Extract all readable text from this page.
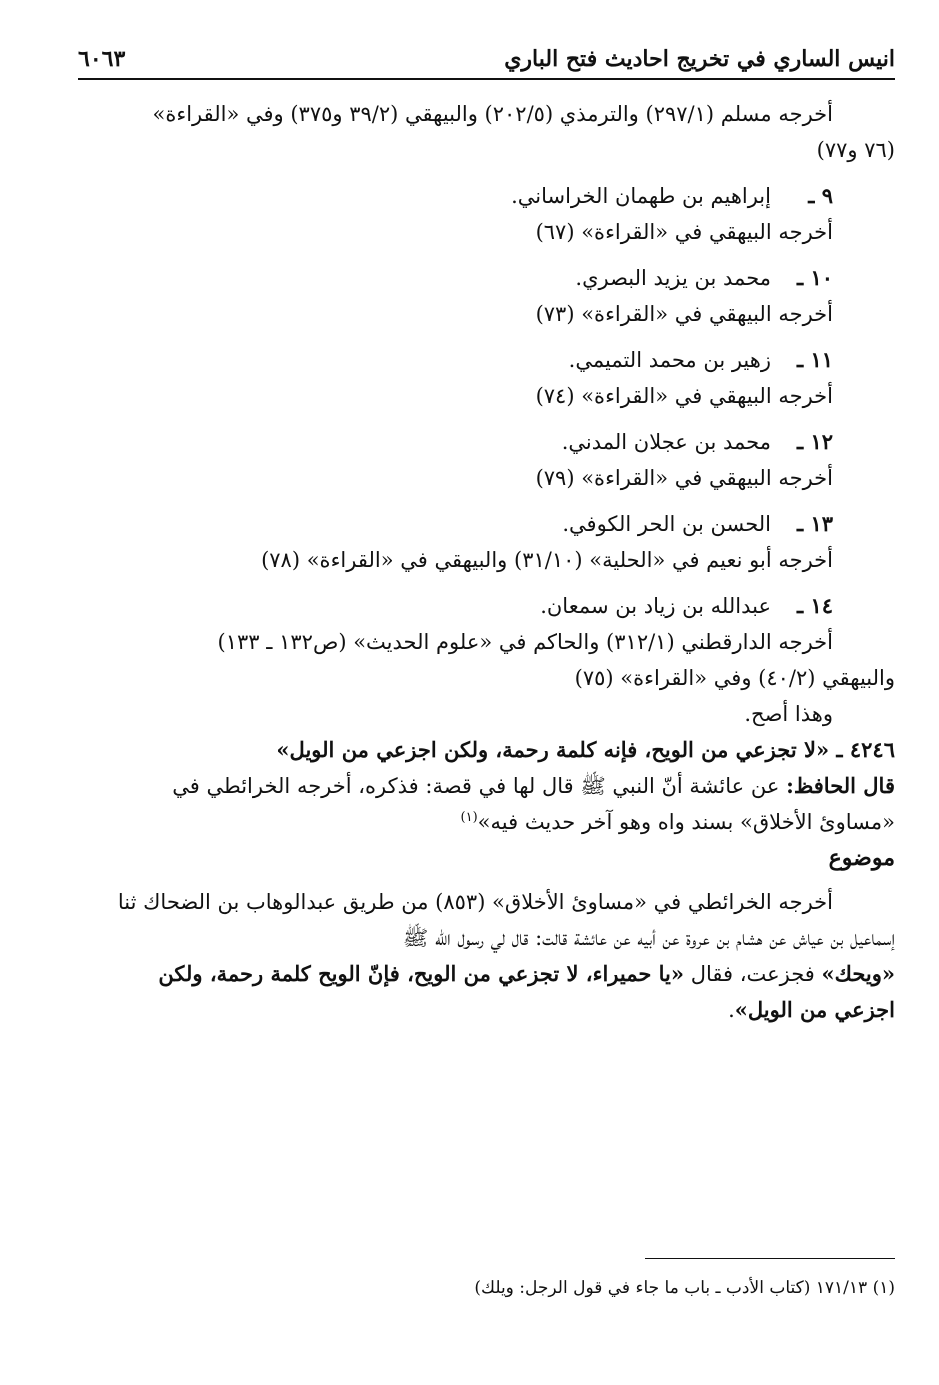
انيس الساري في تخريج احاديث فتح الباري
٦٠٦٣

أخرجه مسلم (٢٩٧/١) والترمذي (٢٠٢/٥) والبيهقي (٣٩/٢ و٣٧٥) وفي «القراءة»

(٧٦ و٧٧)

٩ ـإبراهيم بن طهمان الخراساني.

أخرجه البيهقي في «القراءة» (٦٧)

١٠ ـمحمد بن يزيد البصري.

أخرجه البيهقي في «القراءة» (٧٣)

١١ ـزهير بن محمد التميمي.

أخرجه البيهقي في «القراءة» (٧٤)

١٢ ـمحمد بن عجلان المدني.

أخرجه البيهقي في «القراءة» (٧٩)

١٣ ـالحسن بن الحر الكوفي.

أخرجه أبو نعيم في «الحلية» (٣١/١٠) والبيهقي في «القراءة» (٧٨)

١٤ ـعبدالله بن زياد بن سمعان.

أخرجه الدارقطني (٣١٢/١) والحاكم في «علوم الحديث» (ص١٣٢ ـ ١٣٣)

والبيهقي (٤٠/٢) وفي «القراءة» (٧٥)

وهذا أصح.

٤٢٤٦ ـ «لا تجزعي من الويح، فإنه كلمة رحمة، ولكن اجزعي من الويل»

قال الحافظ: عن عائشة أنّ النبي ﷺ قال لها في قصة: فذكره، أخرجه الخرائطي في

«مساوئ الأخلاق» بسند واه وهو آخر حديث فيه»$^{(١)}$

موضوع

أخرجه الخرائطي في «مساوئ الأخلاق» (٨٥٣) من طريق عبدالوهاب بن الضحاك ثنا

إسماعيل بن عياش عن هشام بن عروة عن أبيه عن عائشة قالت: قال لي رسول الله ﷺ

«ويحك» فجزعت، فقال «يا حميراء، لا تجزعي من الويح، فإنّ الويح كلمة رحمة، ولكن

اجزعي من الويل».

(١) ١٧١/١٣ (كتاب الأدب ـ باب ما جاء في قول الرجل: ويلك)
